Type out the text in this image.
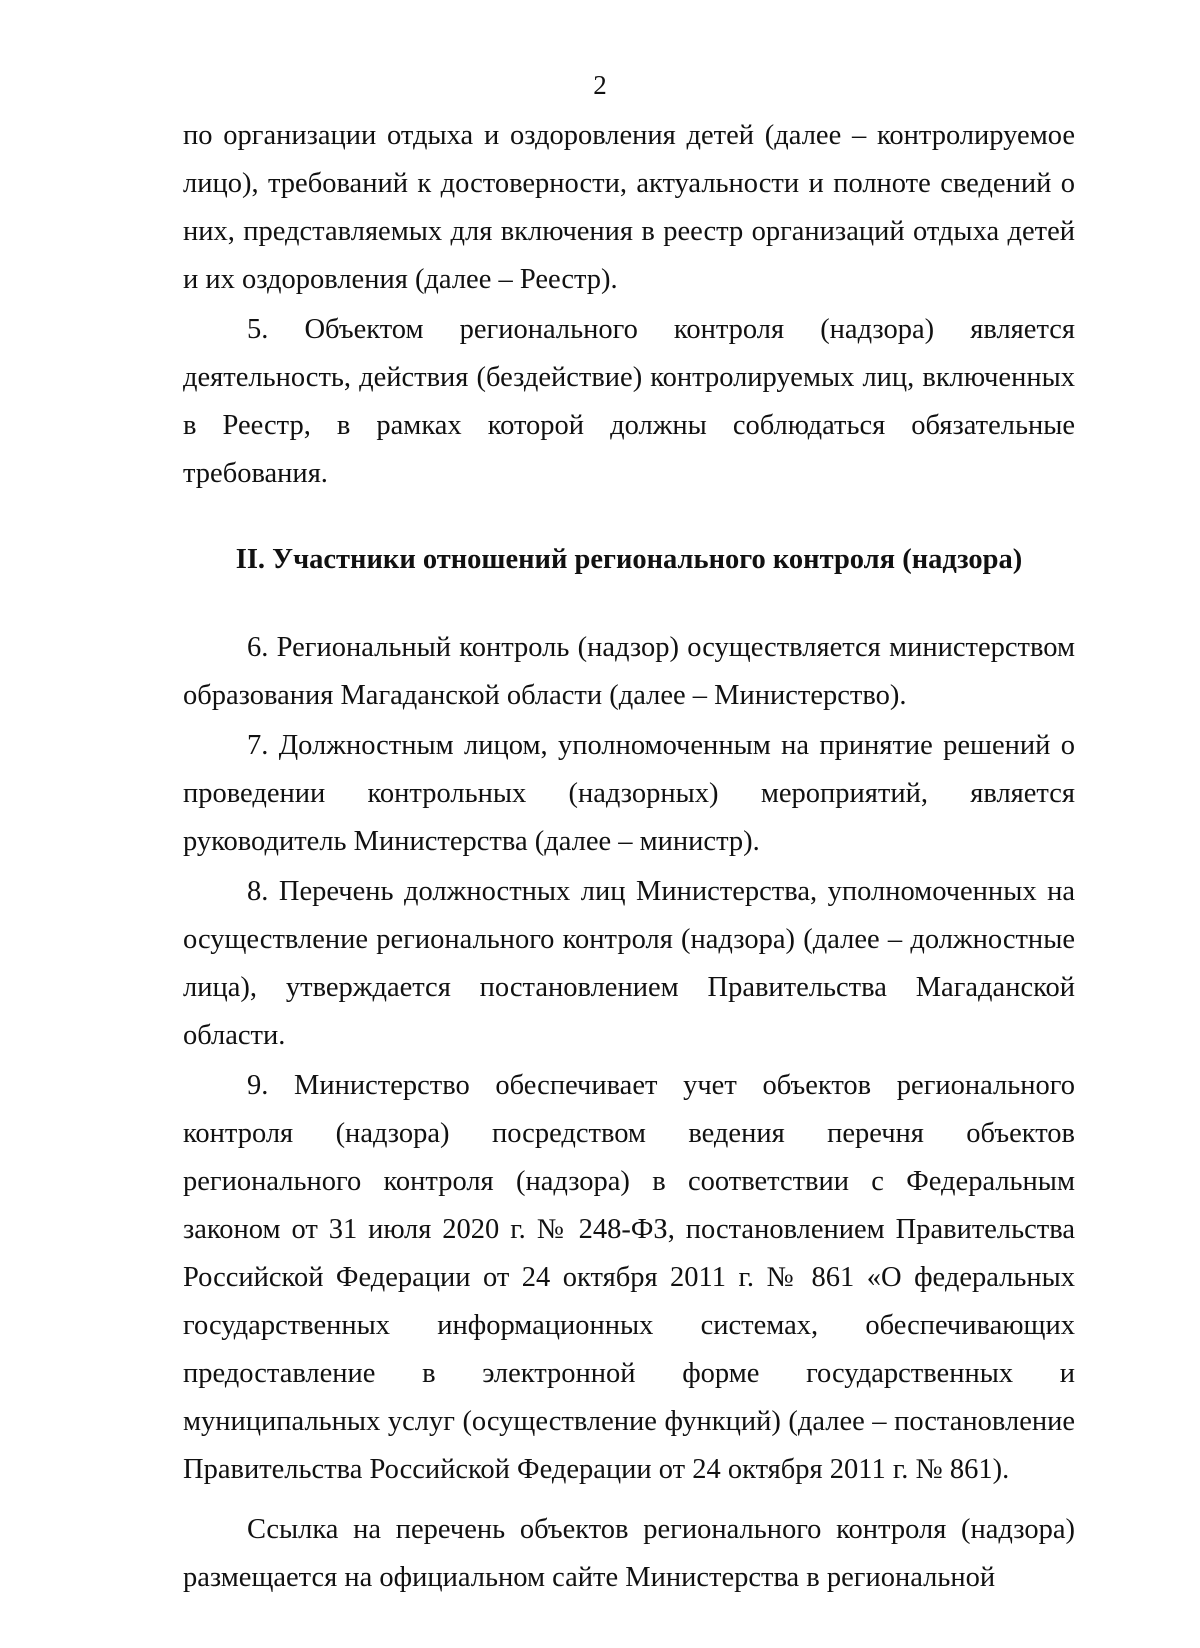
2

по организации отдыха и оздоровления детей (далее – контролируемое лицо), требований к достоверности, актуальности и полноте сведений о них, представляемых для включения в реестр организаций отдыха детей и их оздоровления (далее – Реестр).

5. Объектом регионального контроля (надзора) является деятельность, действия (бездействие) контролируемых лиц, включенных в Реестр, в рамках которой должны соблюдаться обязательные требования.

II. Участники отношений регионального контроля (надзора)

6. Региональный контроль (надзор) осуществляется министерством образования Магаданской области (далее – Министерство).

7. Должностным лицом, уполномоченным на принятие решений о проведении контрольных (надзорных) мероприятий, является руководитель Министерства (далее – министр).

8. Перечень должностных лиц Министерства, уполномоченных на осуществление регионального контроля (надзора) (далее – должностные лица), утверждается постановлением Правительства Магаданской области.

9. Министерство обеспечивает учет объектов регионального контроля (надзора) посредством ведения перечня объектов регионального контроля (надзора) в соответствии с Федеральным законом от 31 июля 2020 г. № 248-ФЗ, постановлением Правительства Российской Федерации от 24 октября 2011 г. № 861 «О федеральных государственных информационных системах, обеспечивающих предоставление в электронной форме государственных и муниципальных услуг (осуществление функций) (далее – постановление Правительства Российской Федерации от 24 октября 2011 г. № 861).

Ссылка на перечень объектов регионального контроля (надзора) размещается на официальном сайте Министерства в региональной
